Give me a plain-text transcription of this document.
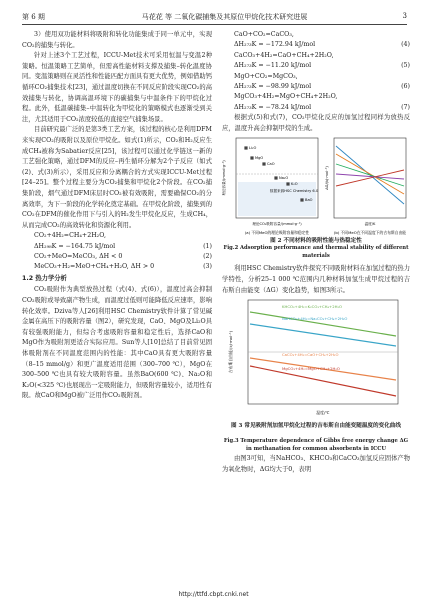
第 6 期	马花花 等 二氧化碳捕集及其原位甲烷化技术研究进展	3

3）使用双功能材料将吸附和转化功能集成于同一单元中，实现CO₂的捕集与转化。

针对上述3个工艺过程，ICCU-Met技术可采用恒温与变温2种策略。恒温策略工艺简单，但需高性能材料支撑及捕集–转化温度协同。变温策略则在灵活性和性能匹配方面具有更大优势，例如借助钙循环CO₂捕集技术[23]，通过温度切换在不同反应阶段实现CO₂的高效捕集与转化，协调高温环境下的碳捕集与中温条件下的甲烷化过程。此外，低温碳捕集–中温转化为甲烷化的策略模式也逐渐受到关注，尤其适用于CO₂浓度较低的直接空气捕集场景。

目前研究最广泛的是第3类工艺方案，该过程的核心是利用DFM来实现CO₂的吸附以及原位甲烷化。如式(1)所示，CO₂和H₂反应生成CH₄被称为Sabatier反应[25]，该过程可以通过化学链这一新的工艺强化策略，通过DFM的反应–再生循环分解为2个子反应（如式(2)、式(3)所示），采用反应和分离耦合的方式实现ICCU-Met过程[24–25]。整个过程主要分为CO₂捕集和甲烷化2个阶段。在CO₂捕集阶段，烟气通过DFM床层时CO₂被有效吸附，需要确保CO₂的分离效率，为下一阶段的化学转化奠定基础。在甲烷化阶段，捕集到的CO₂在DFM的催化作用下与引入的H₂发生甲烷化反应，生成CH₄，从而完成CO₂的高效转化和资源化利用。

CO₂+4H₂=CH₄+2H₂O,
ΔH₂₉₈K = −164.75 kJ/mol	(1)
CO₂+MeO=MeCO₃, ΔH < 0	(2)
MeCO₃+H₂=MeO+CH₄+H₂O, ΔH > 0	(3)
1.2 热力学分析

CO₂吸附作为典型放热过程（式(4)、式(6)），温度过高会抑制CO₂吸附或导致副产物生成，而温度过低则可能降低反应速率，影响转化效率。Dziva等人[26]利用HSC Chemistry软件计算了常见碱金属在高压下的吸附容量（图2），研究发现，CaO、MgO及Li₂O具有较强吸附能力，但综合考虑吸附容量和稳定性后，选择CaO和MgO作为吸附剂更适合实际应用。Sun等人[10]总结了目前常见固体吸附剂在不同温度范围内的性能：其中CaO具有更大吸附容量（8–15 mmol/g）和更广温度适用范围（300–700 ℃），MgO在300–500 ℃也具有较大吸附容量。虽然BaO(600 ℃)、Na₂O和K₂O(<325 ℃)也展现出一定吸附能力，但吸附容量较小，适用性有限。故CaO和MgO被广泛用作CO₂吸附剂。

CaO+CO₂=CaCO₃,
ΔH₂₇₃K = −172.94 kJ/mol	(4)
CaCO₃+4H₂=CaO+CH₄+2H₂O,
ΔH₂₇₃K = −11.20 kJ/mol	(5)
MgO+CO₂=MgCO₃,
ΔH₂₇₃K = −98.99 kJ/mol	(6)
MgCO₃+4H₂=MgO+CH₄+2H₂O,
ΔH₂₇₃K = −78.24 kJ/mol	(7)

根据式(5)和式(7)，CO₂甲烷化反应的加氢过程同样为放热反应，温度升高会抑制甲烷的生成。

理论容量/(mmol·g⁻¹)
理论CO₂吸附容量/(mmol·g⁻¹)
数据来源HSC Chemistry 6.0
Li₂O
MgO
CaO
Na₂O
K₂O
BaO
(a) 不同MeO的理论吸附容量和稳定性
ΔG/(kJ·mol⁻¹)
温度/K
(b) 不同MeO在不同温度下的吉布斯自由能
图 2 不同材料的吸附性能与热稳定性
Fig.2 Adsorption performance and thermal stability of different materials

利用HSC Chemistry软件探究不同吸附材料在加氢过程的热力学特性，分析25–1 000 ℃范围内几种材料加氢生成甲烷过程的吉布斯自由能变（ΔG）变化趋势，如图3所示。

吉布斯自由能/(kJ·mol⁻¹)
温度/℃
KHCO₃+4H₂=K₂CO₃+CH₄+2H₂O
NaHCO₃+4H₂=Na₂CO₃+CH₄+2H₂O
CaCO₃+4H₂=CaO+CH₄+2H₂O
MgCO₃+4H₂=MgO+CH₄+2H₂O
图 3 常见吸附剂加氢甲烷化过程的吉布斯自由能变随温度的变化曲线
Fig.3 Temperature dependence of Gibbs free energy change ΔG in methanation for common absorbents in ICCU

由图3可知，当NaHCO₃、KHCO₃和CaCO₃加氢反应固体产物为氧化物时，ΔG均大于0，表明

http://ttfd.cbpt.cnki.net
